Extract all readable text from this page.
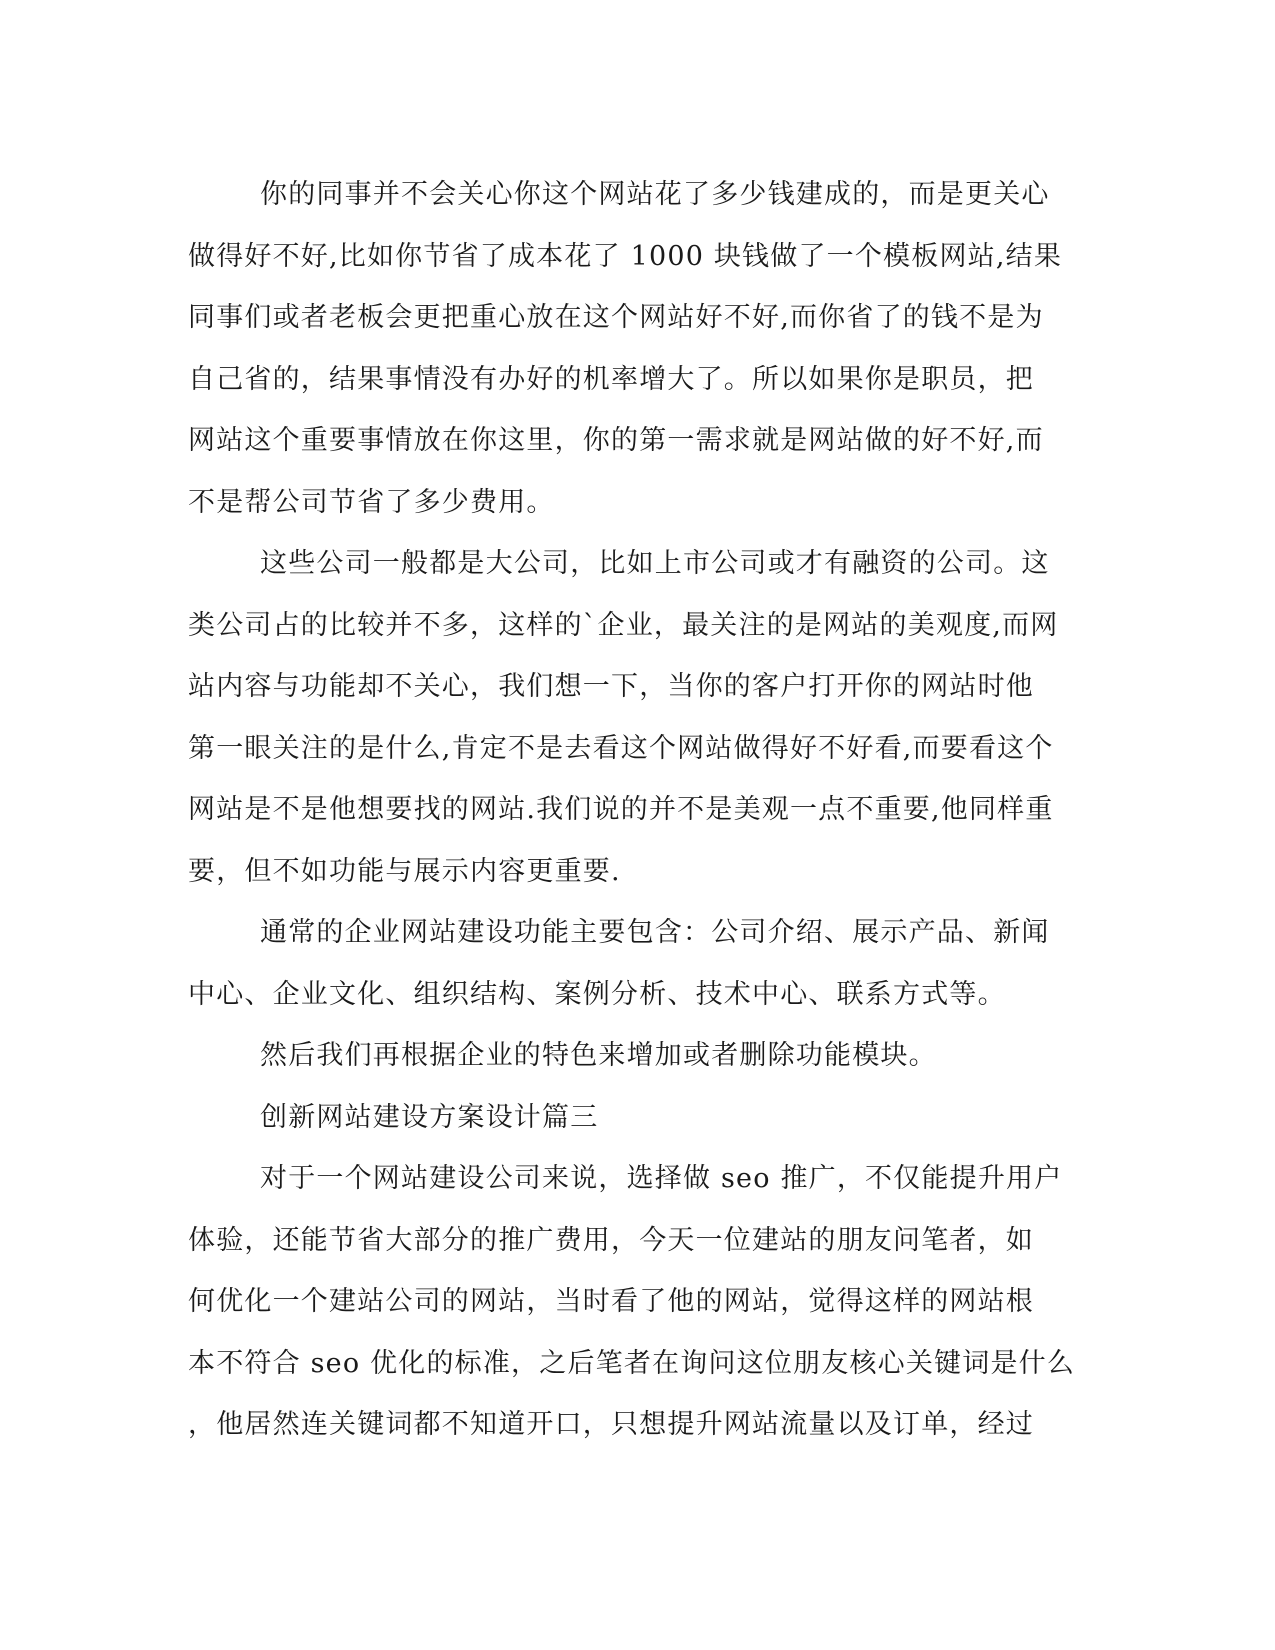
你的同事并不会关心你这个网站花了多少钱建成的，而是更关心
做得好不好,比如你节省了成本花了 1000 块钱做了一个模板网站,结果
同事们或者老板会更把重心放在这个网站好不好,而你省了的钱不是为
自己省的，结果事情没有办好的机率增大了。所以如果你是职员，把
网站这个重要事情放在你这里，你的第一需求就是网站做的好不好,而
不是帮公司节省了多少费用。

这些公司一般都是大公司，比如上市公司或才有融资的公司。这
类公司占的比较并不多，这样的`企业，最关注的是网站的美观度,而网
站内容与功能却不关心，我们想一下，当你的客户打开你的网站时他
第一眼关注的是什么,肯定不是去看这个网站做得好不好看,而要看这个
网站是不是他想要找的网站.我们说的并不是美观一点不重要,他同样重
要，但不如功能与展示内容更重要.

通常的企业网站建设功能主要包含：公司介绍、展示产品、新闻
中心、企业文化、组织结构、案例分析、技术中心、联系方式等。

然后我们再根据企业的特色来增加或者删除功能模块。

创新网站建设方案设计篇三

对于一个网站建设公司来说，选择做 seo 推广，不仅能提升用户
体验，还能节省大部分的推广费用，今天一位建站的朋友问笔者，如
何优化一个建站公司的网站，当时看了他的网站，觉得这样的网站根
本不符合 seo 优化的标准，之后笔者在询问这位朋友核心关键词是什么
，他居然连关键词都不知道开口，只想提升网站流量以及订单，经过
